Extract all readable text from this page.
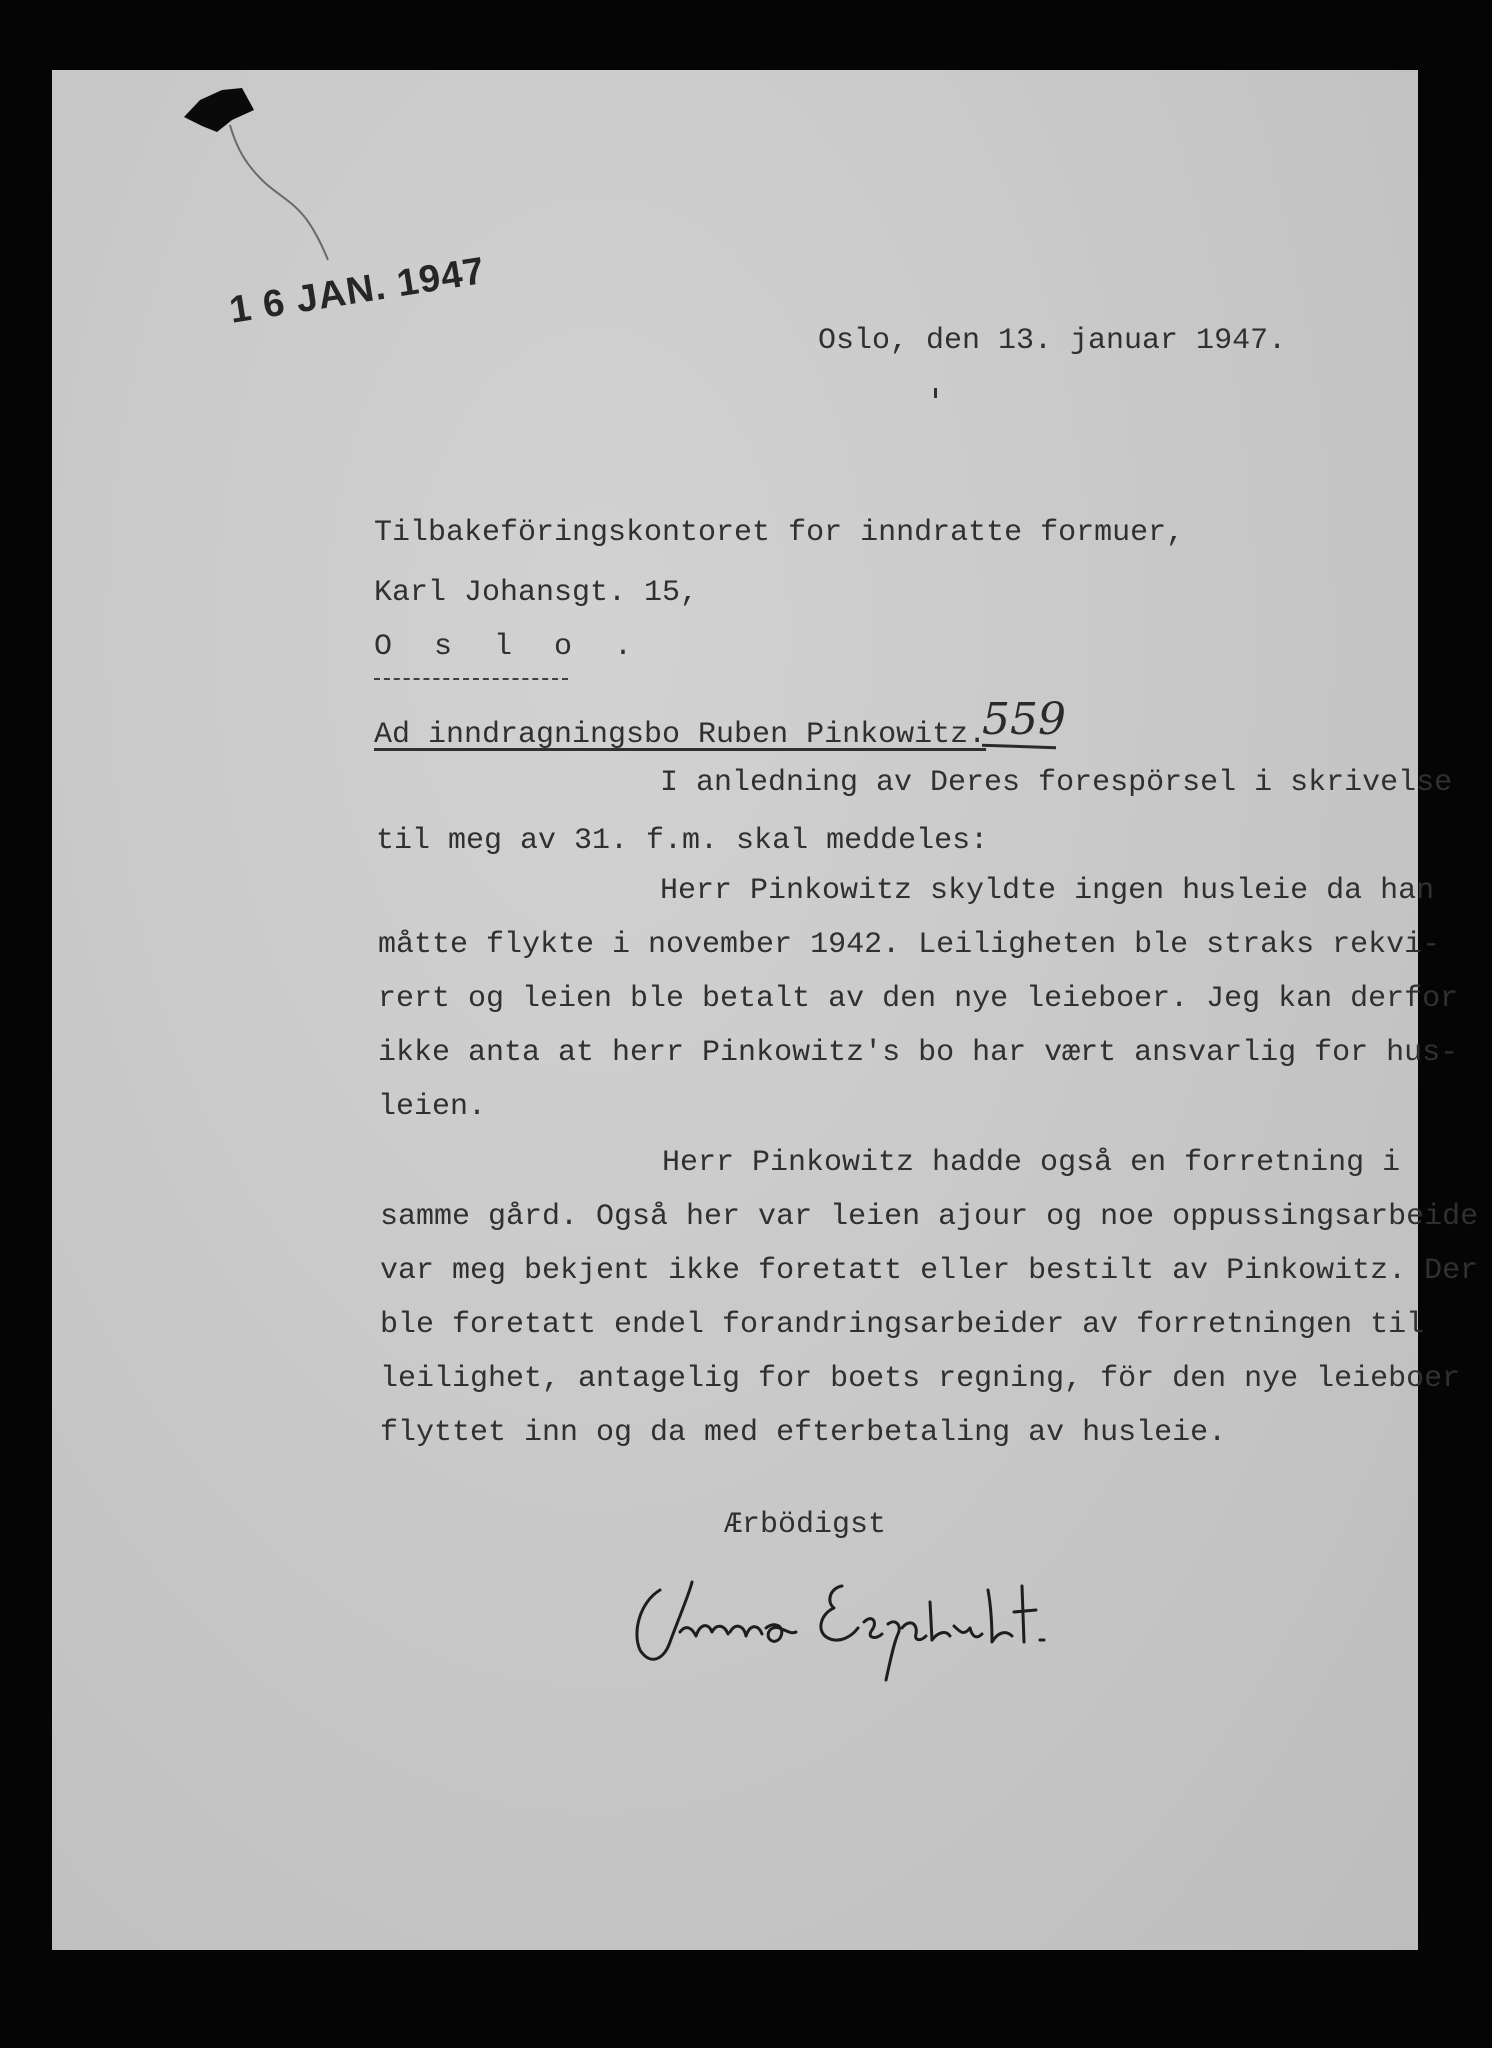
1 6 JAN. 1947
Oslo, den 13. januar 1947.
Tilbakeföringskontoret for inndratte formuer,
Karl Johansgt. 15,
O s l o .
Ad inndragningsbo Ruben Pinkowitz.
559
I anledning av Deres forespörsel i skrivelse
til meg av 31. f.m. skal meddeles:
Herr Pinkowitz skyldte ingen husleie da han
måtte flykte i november 1942. Leiligheten ble straks rekvi-
rert og leien ble betalt av den nye leieboer. Jeg kan derfor
ikke anta at herr Pinkowitz's bo har vært ansvarlig for hus-
leien.
Herr Pinkowitz hadde også en forretning i
samme gård. Også her var leien ajour og noe oppussingsarbeide
var meg bekjent ikke foretatt eller bestilt av Pinkowitz. Der
ble foretatt endel forandringsarbeider av forretningen til
leilighet, antagelig for boets regning, för den nye leieboer
flyttet inn og da med efterbetaling av husleie.
Ærbödigst
